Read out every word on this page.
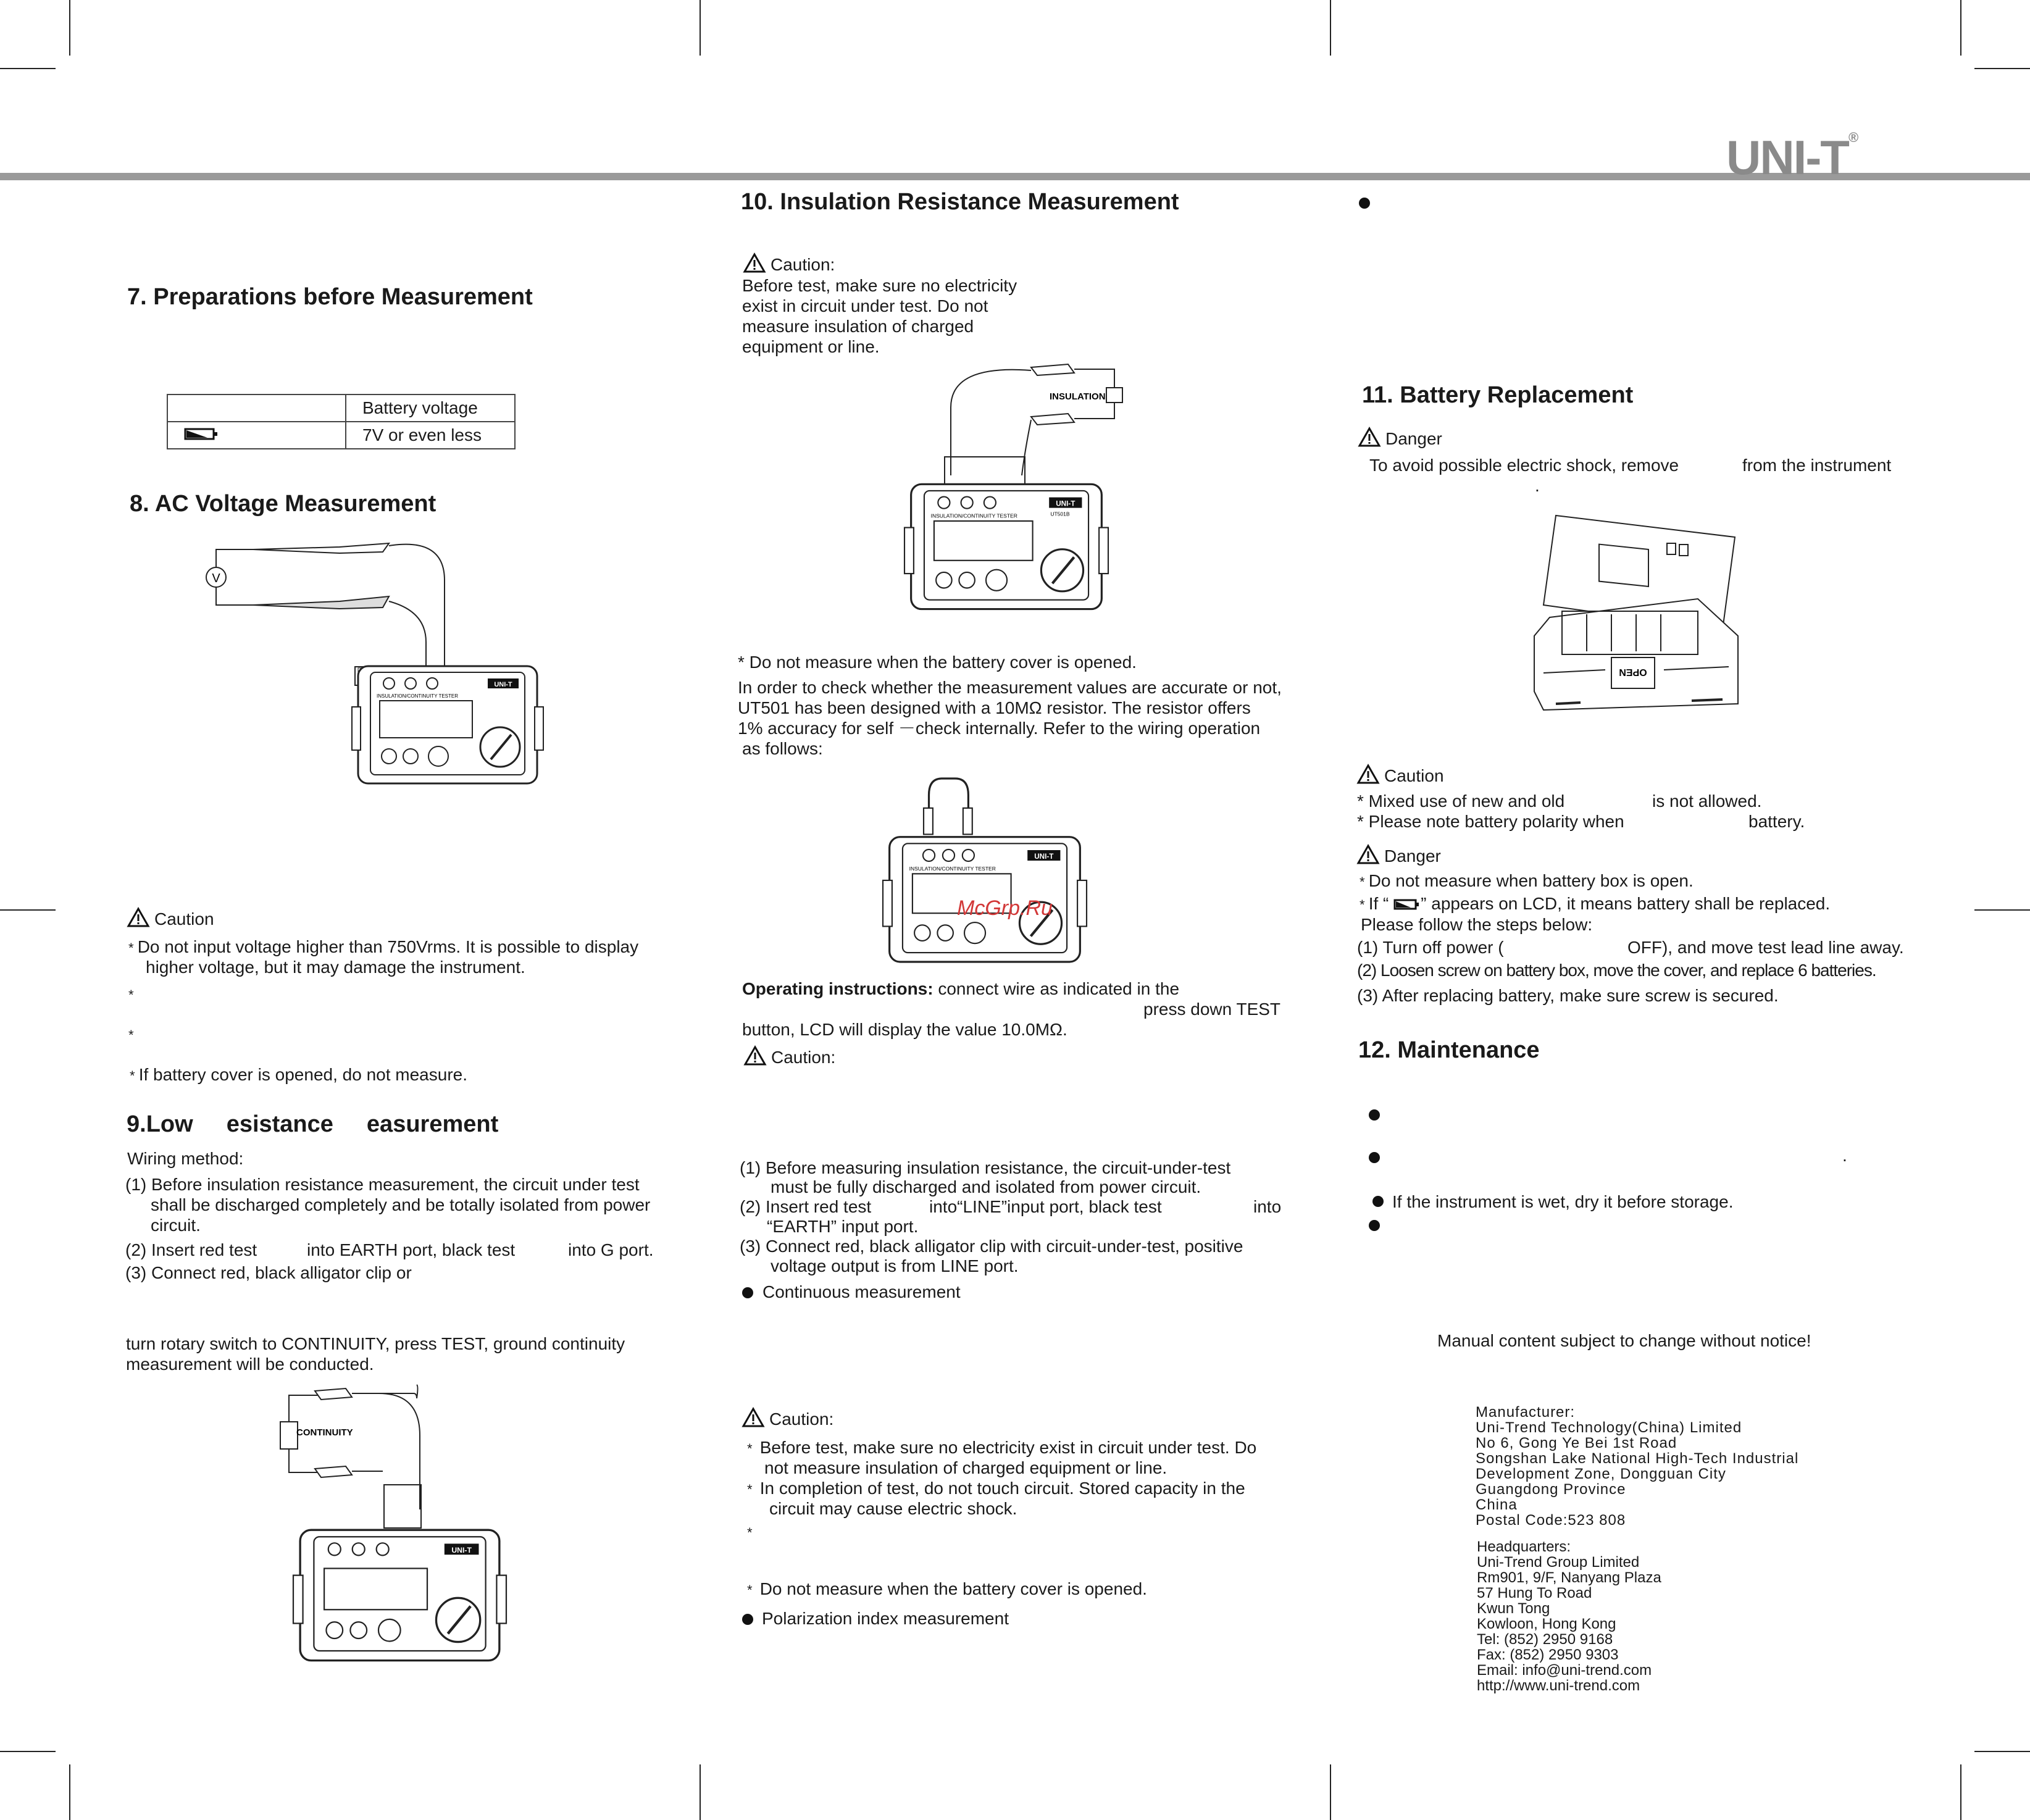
UNI-T®
7. Preparations before Measurement
	Battery voltage
	7V or even less
8. AC Voltage Measurement
V
UNI-T
INSULATION/CONTINUITY TESTER
Caution
* Do not input voltage higher than 750Vrms. It is possible to display
higher voltage, but it may damage the instrument.
*
*
* If battery cover is opened, do not measure.
9.Low esistance easurement
Wiring method:
(1) Before insulation resistance measurement, the circuit under test
shall be discharged completely and be totally isolated from power
circuit.
(2) Insert red test	into EARTH port, black test	into G port.
(3) Connect red, black alligator clip or
turn rotary switch to CONTINUITY, press TEST, ground continuity
measurement will be conducted.
CONTINUITY
UNI-T
10. Insulation Resistance Measurement
Caution:
Before test, make sure no electricity
exist in circuit under test. Do not
measure insulation of charged
equipment or line.
INSULATION
UNI-T
INSULATION/CONTINUITY TESTER	UT501B
* Do not measure when the battery cover is opened.
In order to check whether the measurement values are accurate or not,
UT501 has been designed with a 10MΩ resistor. The resistor offers
1% accuracy for self －check internally. Refer to the wiring operation
as follows:
UNI-T
INSULATION/CONTINUITY TESTER
McGrp.Ru
Operating instructions: connect wire as indicated in the
press down TEST
button, LCD will display the value 10.0MΩ.
Caution:
(1) Before measuring insulation resistance, the circuit-under-test
must be fully discharged and isolated from power circuit.
(2) Insert red test	into“LINE”input port, black test	into
“EARTH” input port.
(3) Connect red, black alligator clip with circuit-under-test, positive
voltage output is from LINE port.
Continuous measurement
Caution:
* Before test, make sure no electricity exist in circuit under test. Do
not measure insulation of charged equipment or line.
* In completion of test, do not touch circuit. Stored capacity in the
circuit may cause electric shock.
*
* Do not measure when the battery cover is opened.
Polarization index measurement
11. Battery Replacement
Danger
To avoid possible electric shock, remove	from the instrument
.
OPEN
Caution
* Mixed use of new and old	is not allowed.
* Please note battery polarity when	battery.
Danger
* Do not measure when battery box is open.
* If “ ” appears on LCD, it means battery shall be replaced.
Please follow the steps below:
(1) Turn off power (	OFF), and move test lead line away.
(2) Loosen screw on battery box, move the cover, and replace 6 batteries.
(3) After replacing battery, make sure screw is secured.
12. Maintenance
.
If the instrument is wet, dry it before storage.
Manual content subject to change without notice!
Manufacturer:
Uni-Trend Technology(China) Limited
No 6, Gong Ye Bei 1st Road
Songshan Lake National High-Tech Industrial
Development Zone, Dongguan City
Guangdong Province
China
Postal Code:523 808
Headquarters:
Uni-Trend Group Limited
Rm901, 9/F, Nanyang Plaza
57 Hung To Road
Kwun Tong
Kowloon, Hong Kong
Tel: (852) 2950 9168
Fax: (852) 2950 9303
Email: info@uni-trend.com
http://www.uni-trend.com
